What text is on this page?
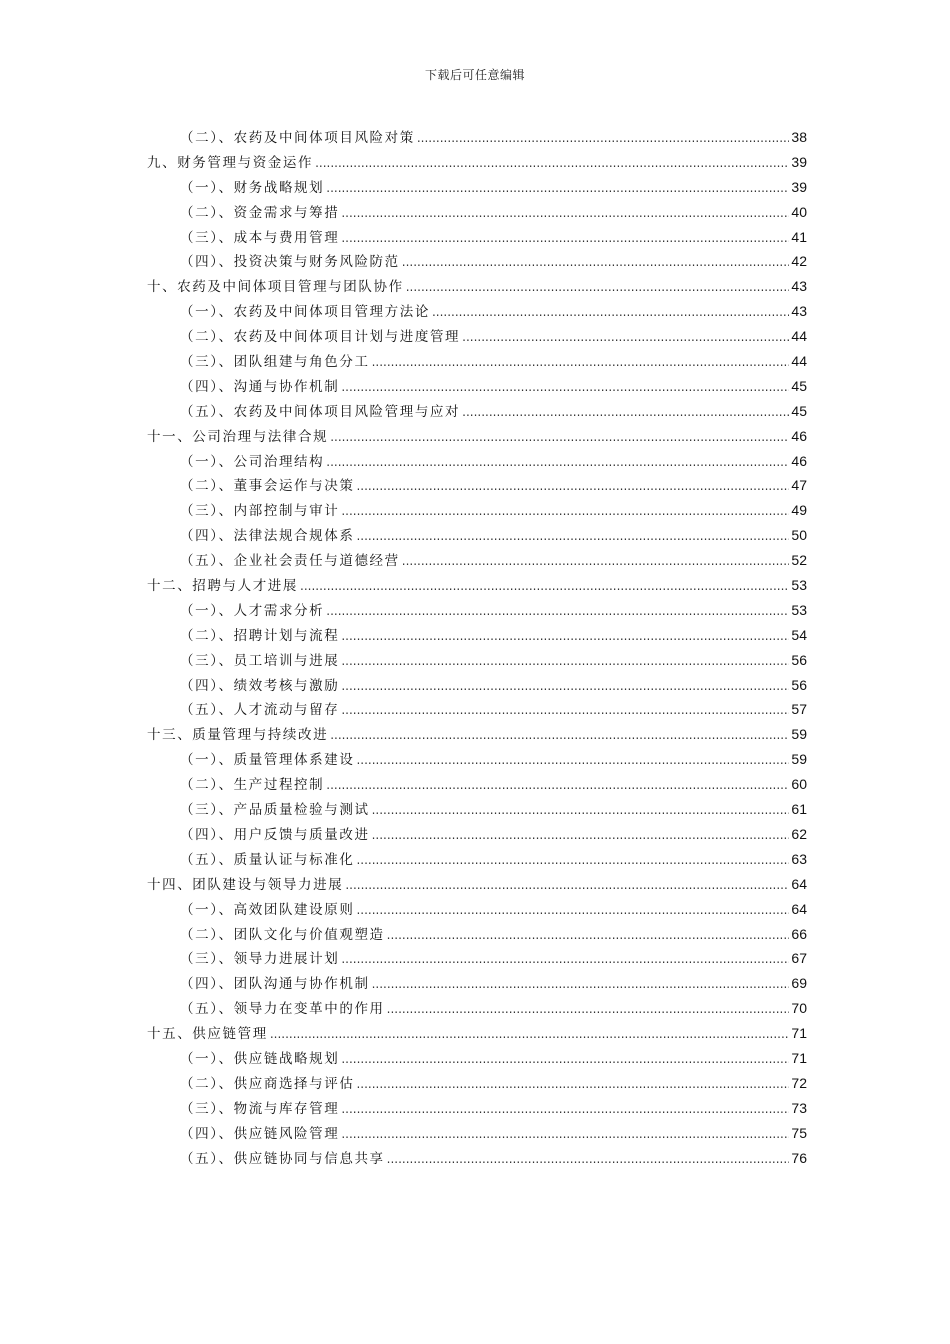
下载后可任意编辑
（二）、农药及中间体项目风险对策 .....	38
九、财务管理与资金运作 .....	39
（一）、财务战略规划 .....	39
（二）、资金需求与筹措 .....	40
（三）、成本与费用管理 .....	41
（四）、投资决策与财务风险防范 .....	42
十、农药及中间体项目管理与团队协作 .....	43
（一）、农药及中间体项目管理方法论 .....	43
（二）、农药及中间体项目计划与进度管理 .....	44
（三）、团队组建与角色分工 .....	44
（四）、沟通与协作机制 .....	45
（五）、农药及中间体项目风险管理与应对 .....	45
十一、公司治理与法律合规 .....	46
（一）、公司治理结构 .....	46
（二）、董事会运作与决策 .....	47
（三）、内部控制与审计 .....	49
（四）、法律法规合规体系 .....	50
（五）、企业社会责任与道德经营 .....	52
十二、招聘与人才进展 .....	53
（一）、人才需求分析 .....	53
（二）、招聘计划与流程 .....	54
（三）、员工培训与进展 .....	56
（四）、绩效考核与激励 .....	56
（五）、人才流动与留存 .....	57
十三、质量管理与持续改进 .....	59
（一）、质量管理体系建设 .....	59
（二）、生产过程控制 .....	60
（三）、产品质量检验与测试 .....	61
（四）、用户反馈与质量改进 .....	62
（五）、质量认证与标准化 .....	63
十四、团队建设与领导力进展 .....	64
（一）、高效团队建设原则 .....	64
（二）、团队文化与价值观塑造 .....	66
（三）、领导力进展计划 .....	67
（四）、团队沟通与协作机制 .....	69
（五）、领导力在变革中的作用 .....	70
十五、供应链管理 .....	71
（一）、供应链战略规划 .....	71
（二）、供应商选择与评估 .....	72
（三）、物流与库存管理 .....	73
（四）、供应链风险管理 .....	75
（五）、供应链协同与信息共享 .....	76
